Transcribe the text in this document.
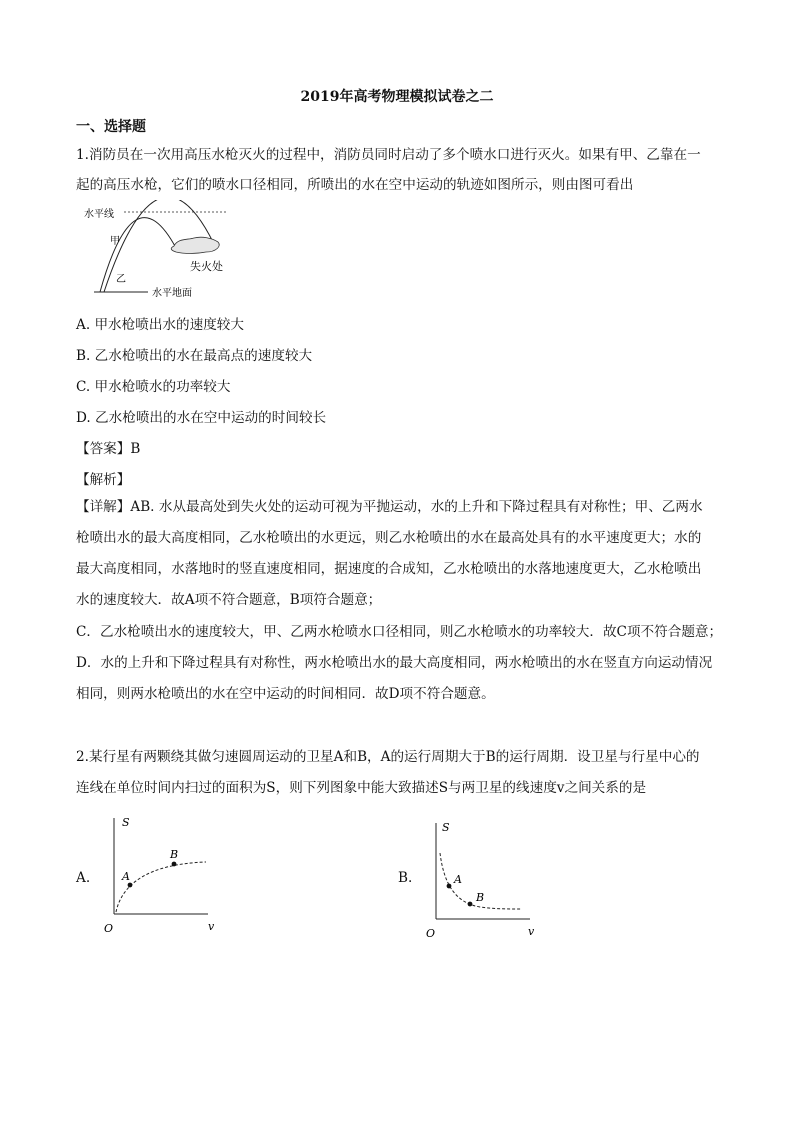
2019年高考物理模拟试卷之二
一、选择题
1.消防员在一次用高压水枪灭火的过程中，消防员同时启动了多个喷水口进行灭火。如果有甲、乙靠在一
起的高压水枪，它们的喷水口径相同，所喷出的水在空中运动的轨迹如图所示，则由图可看出
水平线
水平地面
甲
乙
失火处
A. 甲水枪喷出水的速度较大
B. 乙水枪喷出的水在最高点的速度较大
C. 甲水枪喷水的功率较大
D. 乙水枪喷出的水在空中运动的时间较长
【答案】B
【解析】
【详解】AB. 水从最高处到失火处的运动可视为平抛运动，水的上升和下降过程具有对称性；甲、乙两水
枪喷出水的最大高度相同，乙水枪喷出的水更远，则乙水枪喷出的水在最高处具有的水平速度更大；水的
最大高度相同，水落地时的竖直速度相同，据速度的合成知，乙水枪喷出的水落地速度更大，乙水枪喷出
水的速度较大．故A项不符合题意，B项符合题意；
C．乙水枪喷出水的速度较大，甲、乙两水枪喷水口径相同，则乙水枪喷水的功率较大．故C项不符合题意；
D．水的上升和下降过程具有对称性，两水枪喷出水的最大高度相同，两水枪喷出的水在竖直方向运动情况
相同，则两水枪喷出的水在空中运动的时间相同．故D项不符合题意。
2.某行星有两颗绕其做匀速圆周运动的卫星A和B，A的运行周期大于B的运行周期．设卫星与行星中心的
连线在单位时间内扫过的面积为S，则下列图象中能大致描述S与两卫星的线速度v之间关系的是
A.
S
v
O
A
B
B.
S
v
O
A
B
